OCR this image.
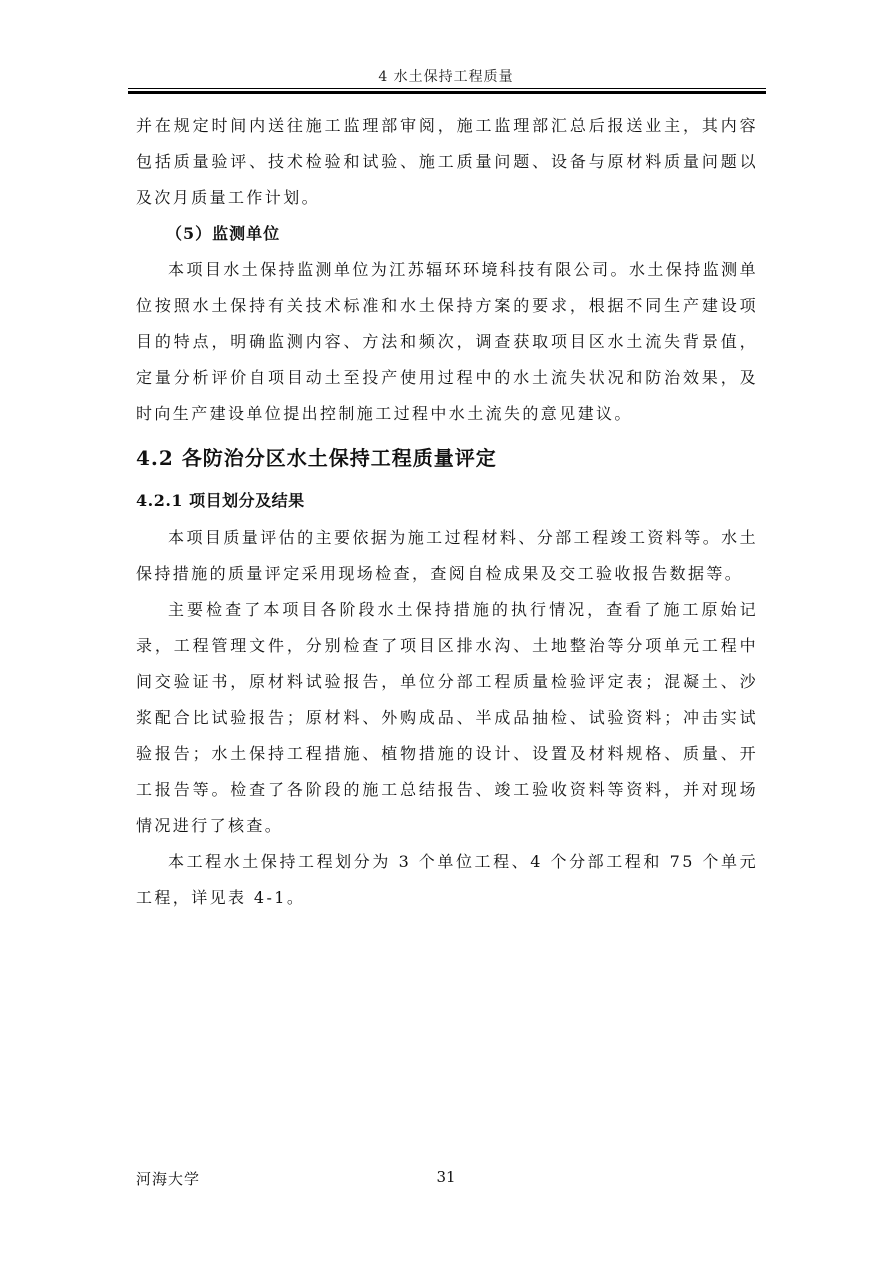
4 水土保持工程质量

并在规定时间内送往施工监理部审阅，施工监理部汇总后报送业主，其内容包括质量验评、技术检验和试验、施工质量问题、设备与原材料质量问题以及次月质量工作计划。

（5）监测单位

本项目水土保持监测单位为江苏辐环环境科技有限公司。水土保持监测单位按照水土保持有关技术标准和水土保持方案的要求，根据不同生产建设项目的特点，明确监测内容、方法和频次，调查获取项目区水土流失背景值，定量分析评价自项目动土至投产使用过程中的水土流失状况和防治效果，及时向生产建设单位提出控制施工过程中水土流失的意见建议。

4.2 各防治分区水土保持工程质量评定
4.2.1 项目划分及结果

本项目质量评估的主要依据为施工过程材料、分部工程竣工资料等。水土保持措施的质量评定采用现场检查，查阅自检成果及交工验收报告数据等。

主要检查了本项目各阶段水土保持措施的执行情况，查看了施工原始记录，工程管理文件，分别检查了项目区排水沟、土地整治等分项单元工程中间交验证书，原材料试验报告，单位分部工程质量检验评定表；混凝土、沙浆配合比试验报告；原材料、外购成品、半成品抽检、试验资料；冲击实试验报告；水土保持工程措施、植物措施的设计、设置及材料规格、质量、开工报告等。检查了各阶段的施工总结报告、竣工验收资料等资料，并对现场情况进行了核查。

本工程水土保持工程划分为 3 个单位工程、4 个分部工程和 75 个单元工程，详见表 4-1。

河海大学	31
